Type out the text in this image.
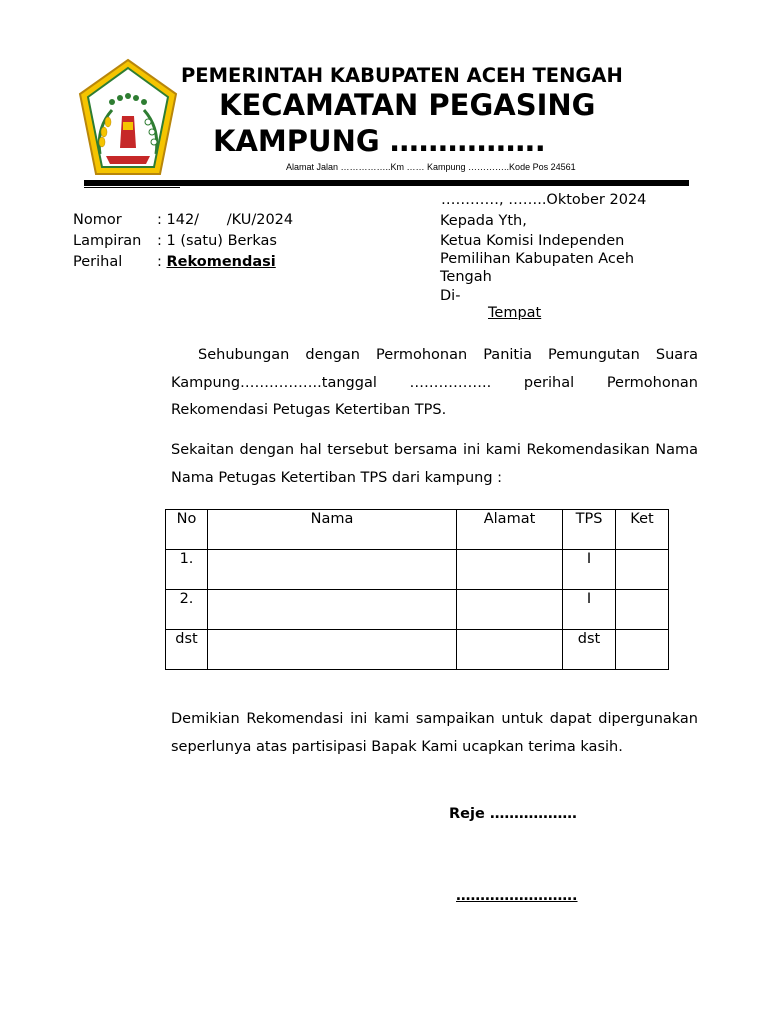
PEMERINTAH KABUPATEN ACEH TENGAH
KECAMATAN PEGASING
KAMPUNG …………….
Alamat Jalan ……………..Km …… Kampung …………..Kode Pos 24561
…………, ……..Oktober 2024
Nomor : 142/      /KU/2024
Lampiran : 1 (satu) Berkas
Perihal : Rekomendasi
Kepada Yth,
Ketua Komisi Independen
Pemilihan Kabupaten Aceh
Tengah
Di-
Tempat
Sehubungan dengan Permohonan Panitia Pemungutan Suara Kampung……………..tanggal …………….. perihal Permohonan Rekomendasi Petugas Ketertiban TPS.
Sekaitan dengan hal tersebut bersama ini kami Rekomendasikan Nama Nama Petugas Ketertiban TPS dari kampung :
No	Nama	Alamat	TPS	Ket
1.			I	
2.			I	
dst			dst	
Demikian Rekomendasi ini kami sampaikan untuk dapat dipergunakan seperlunya atas partisipasi Bapak Kami ucapkan terima kasih.
Reje ………………
…………………….
